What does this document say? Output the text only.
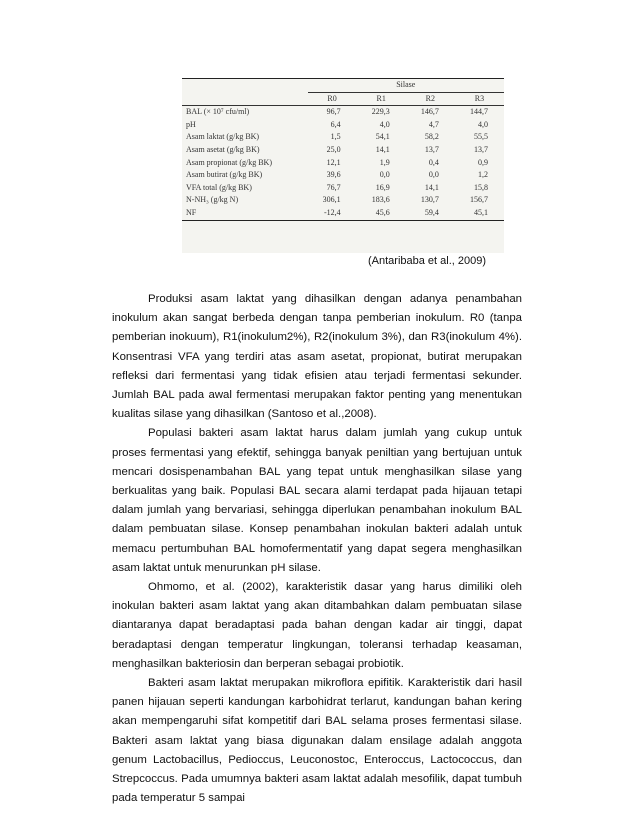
	Silase			
	R0	R1	R2	R3
BAL (× 10⁷ cfu/ml)	96,7	229,3	146,7	144,7
pH	6,4	4,0	4,7	4,0
Asam laktat (g/kg BK)	1,5	54,1	58,2	55,5
Asam asetat (g/kg BK)	25,0	14,1	13,7	13,7
Asam propionat (g/kg BK)	12,1	1,9	0,4	0,9
Asam butirat (g/kg BK)	39,6	0,0	0,0	1,2
VFA total (g/kg BK)	76,7	16,9	14,1	15,8
N-NH₃ (g/kg N)	306,1	183,6	130,7	156,7
NF	-12,4	45,6	59,4	45,1
(Antaribaba et al., 2009)

Produksi asam laktat yang dihasilkan dengan adanya penambahan inokulum akan sangat berbeda dengan tanpa pemberian inokulum. R0 (tanpa pemberian inokuum), R1(inokulum2%), R2(inokulum 3%), dan R3(inokulum 4%). Konsentrasi VFA yang terdiri atas asam asetat, propionat, butirat merupakan refleksi dari fermentasi yang tidak efisien atau terjadi fermentasi sekunder. Jumlah BAL pada awal fermentasi merupakan faktor penting yang menentukan kualitas silase yang dihasilkan (Santoso et al.,2008).

Populasi bakteri asam laktat harus dalam jumlah yang cukup untuk proses fermentasi yang efektif, sehingga banyak peniltian yang bertujuan untuk mencari dosispenambahan BAL yang tepat untuk menghasilkan silase yang berkualitas yang baik. Populasi BAL secara alami terdapat pada hijauan tetapi dalam jumlah yang bervariasi, sehingga diperlukan penambahan inokulum BAL dalam pembuatan silase. Konsep penambahan inokulan bakteri adalah untuk memacu pertumbuhan BAL homofermentatif yang dapat segera menghasilkan asam laktat untuk menurunkan pH silase.

Ohmomo, et al. (2002), karakteristik dasar yang harus dimiliki oleh inokulan bakteri asam laktat yang akan ditambahkan dalam pembuatan silase diantaranya dapat beradaptasi pada bahan dengan kadar air tinggi, dapat beradaptasi dengan temperatur lingkungan, toleransi terhadap keasaman, menghasilkan bakteriosin dan berperan sebagai probiotik.

Bakteri asam laktat merupakan mikroflora epifitik. Karakteristik dari hasil panen hijauan seperti kandungan karbohidrat terlarut, kandungan bahan kering akan mempengaruhi sifat kompetitif dari BAL selama proses fermentasi silase. Bakteri asam laktat yang biasa digunakan dalam ensilage adalah anggota genum Lactobacillus, Pedioccus, Leuconostoc, Enteroccus, Lactococcus, dan Strepcoccus. Pada umumnya bakteri asam laktat adalah mesofilik, dapat tumbuh pada temperatur 5 sampai
